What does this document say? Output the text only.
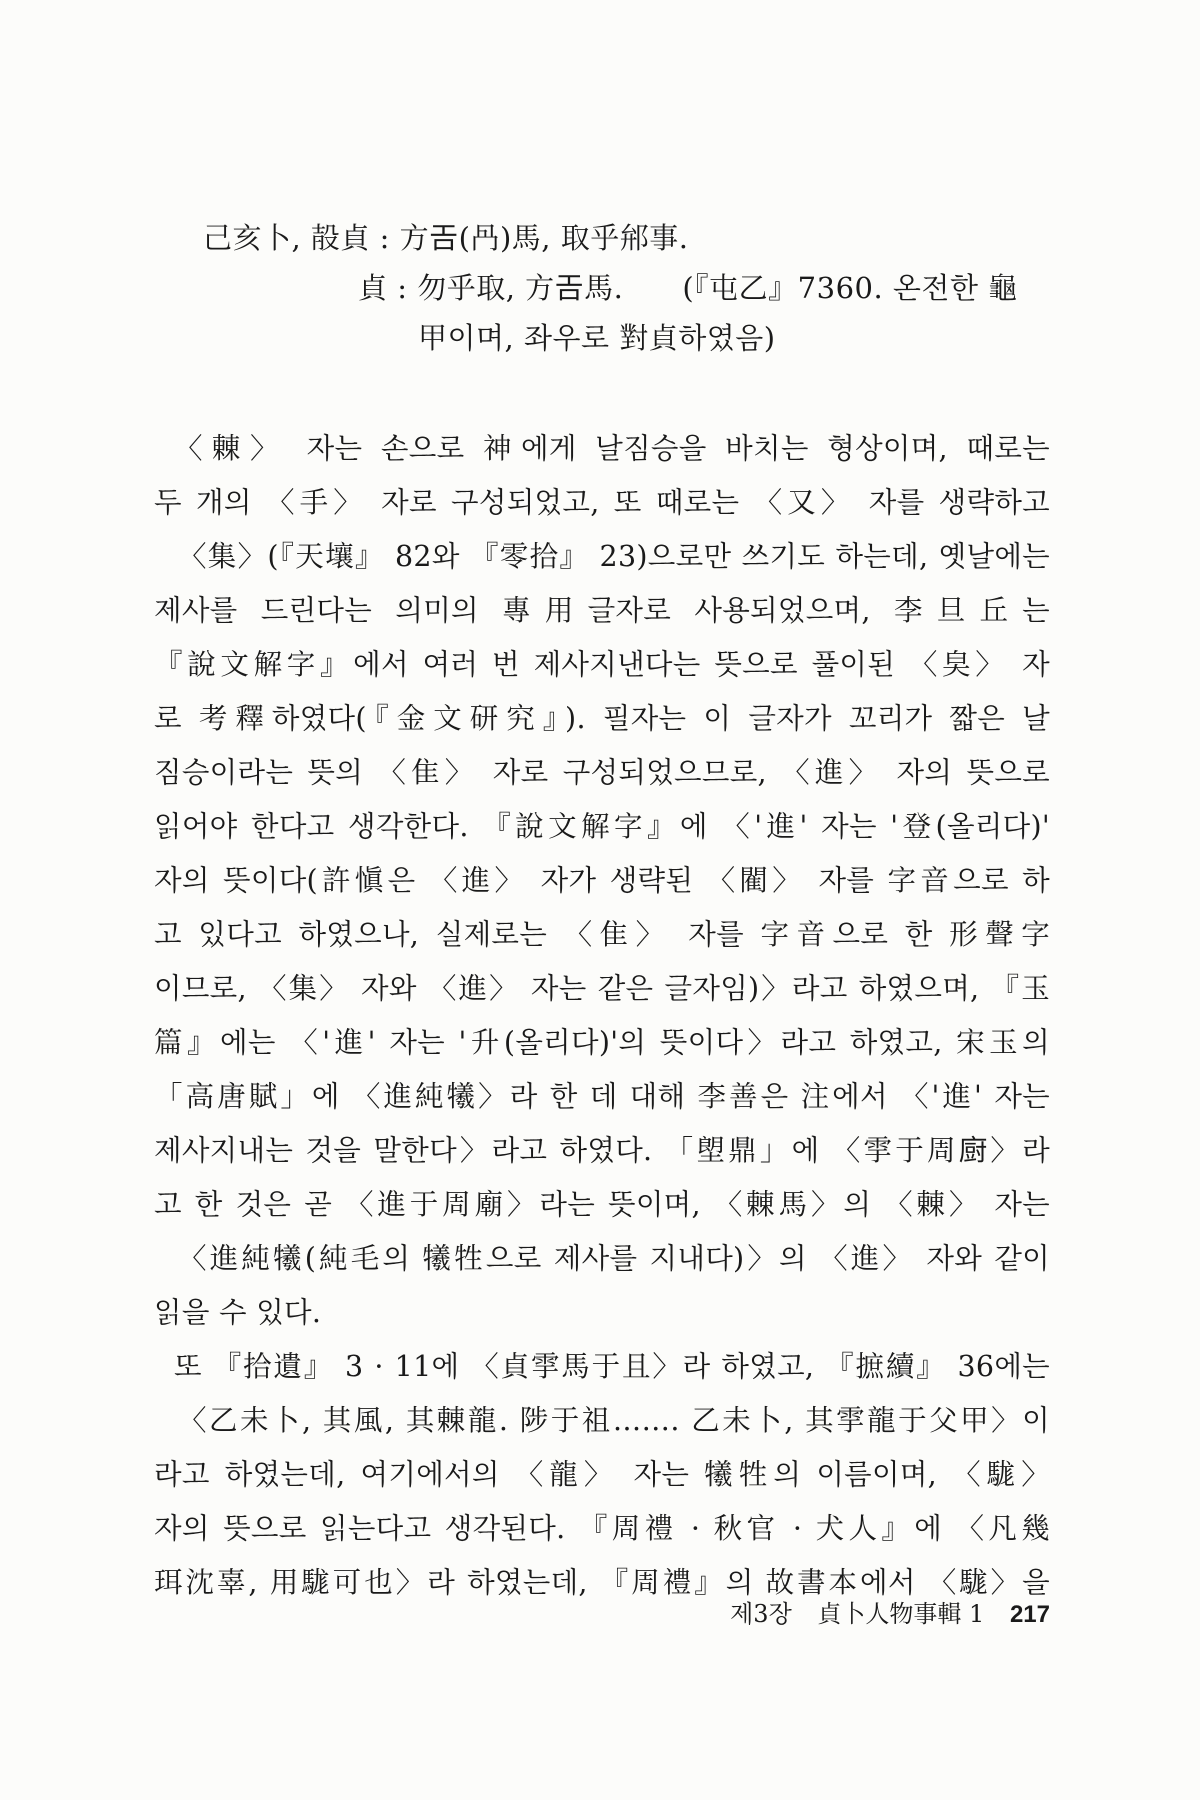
己亥卜, 㱿貞 : 方𢀛(冎)馬, 取乎𨚕事.
貞 : 勿乎取, 方𢀛馬.　　(『屯乙』7360. 온전한 龜
甲이며, 좌우로 對貞하였음)
〈㯥〉 자는 손으로 神에게 날짐승을 바치는 형상이며, 때로는
두 개의 〈手〉 자로 구성되었고, 또 때로는 〈又〉 자를 생략하고
〈集〉(『天壤』 82와 『零拾』 23)으로만 쓰기도 하는데, 옛날에는
제사를 드린다는 의미의 專用글자로 사용되었으며, 李旦丘는
『說文解字』에서 여러 번 제사지낸다는 뜻으로 풀이된 〈㚖〉 자
로 考釋하였다(『金文研究』). 필자는 이 글자가 꼬리가 짧은 날
짐승이라는 뜻의 〈隹〉 자로 구성되었으므로, 〈進〉 자의 뜻으로
읽어야 한다고 생각한다. 『說文解字』에 〈'進' 자는 '登(올리다)'
자의 뜻이다(許愼은 〈進〉 자가 생략된 〈閵〉 자를 字音으로 하
고 있다고 하였으나, 실제로는 〈隹〉 자를 字音으로 한 形聲字
이므로, 〈集〉 자와 〈進〉 자는 같은 글자임)〉라고 하였으며, 『玉
篇』에는 〈'進' 자는 '升(올리다)'의 뜻이다〉라고 하였고, 宋玉의
「高唐賦」에 〈進純犧〉라 한 데 대해 李善은 注에서 〈'進' 자는
제사지내는 것을 말한다〉라고 하였다. 「塱鼎」에 〈𩁹于周𢊍〉라
고 한 것은 곧 〈進于周廟〉라는 뜻이며, 〈㯥馬〉의 〈㯥〉 자는
〈進純犧(純毛의 犧牲으로 제사를 지내다)〉의 〈進〉 자와 같이
읽을 수 있다.
또 『拾遺』 3 · 11에 〈貞𩁹馬于且〉라 하였고, 『摭續』 36에는
〈乙未卜, 其風, 其㯥龍. 陟于祖……. 乙未卜, 其𩁹龍于父甲〉이
라고 하였는데, 여기에서의 〈龍〉 자는 犧牲의 이름이며, 〈駹〉
자의 뜻으로 읽는다고 생각된다. 『周禮 · 秋官 · 犬人』에 〈凡幾
珥沈辜, 用駹可也〉라 하였는데, 『周禮』의 故書本에서 〈駹〉을
제3장 貞卜人物事輯 1 217
